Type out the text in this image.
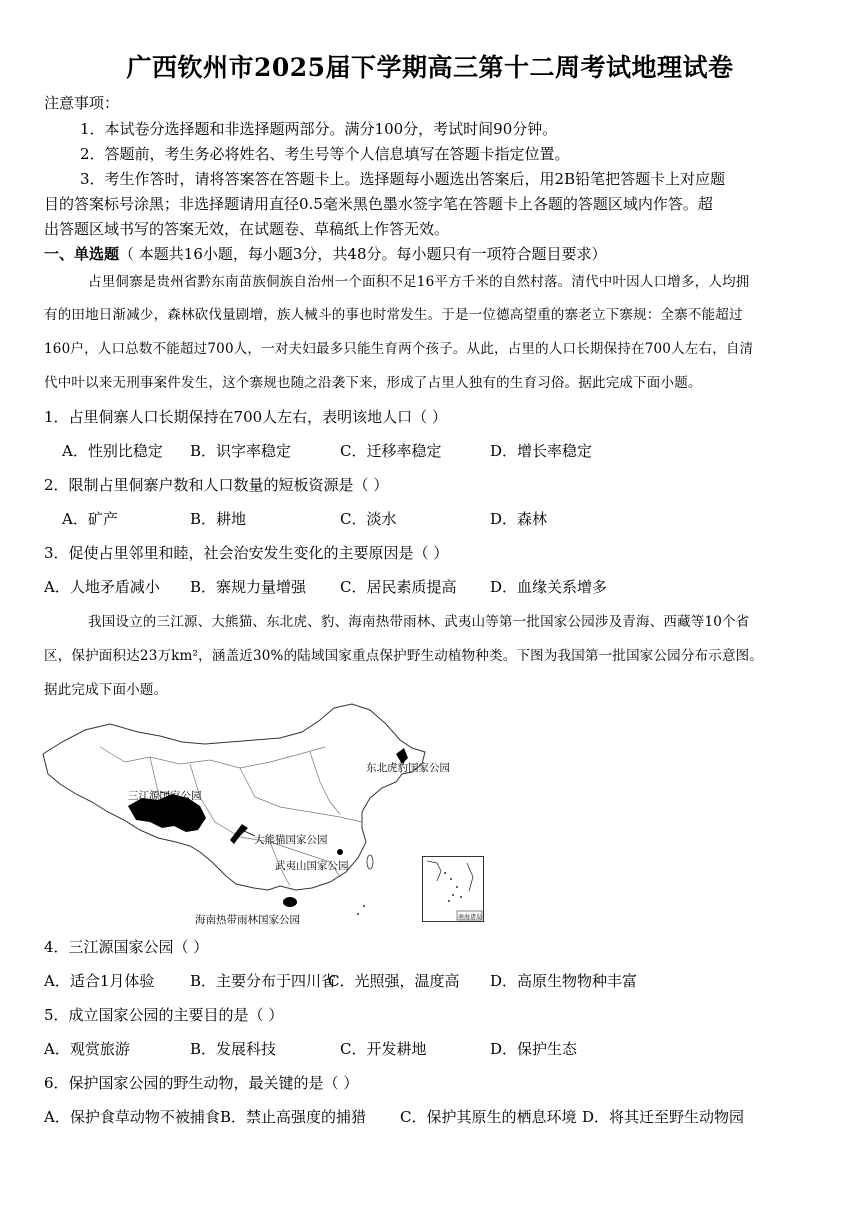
广西钦州市2025届下学期高三第十二周考试地理试卷
注意事项：
1．本试卷分选择题和非选择题两部分。满分100分，考试时间90分钟。
2．答题前，考生务必将姓名、考生号等个人信息填写在答题卡指定位置。
3．考生作答时，请将答案答在答题卡上。选择题每小题选出答案后，用2B铅笔把答题卡上对应题
目的答案标号涂黑；非选择题请用直径0.5毫米黑色墨水签字笔在答题卡上各题的答题区域内作答。超
出答题区域书写的答案无效，在试题卷、草稿纸上作答无效。
一、单选题（ 本题共16小题，每小题3分，共48分。每小题只有一项符合题目要求）
占里侗寨是贵州省黔东南苗族侗族自治州一个面积不足16平方千米的自然村落。清代中叶因人口增多，人均拥
有的田地日渐减少，森林砍伐量剧增，族人械斗的事也时常发生。于是一位德高望重的寨老立下寨规：全寨不能超过
160户，人口总数不能超过700人，一对夫妇最多只能生育两个孩子。从此，占里的人口长期保持在700人左右，自清
代中叶以来无刑事案件发生，这个寨规也随之沿袭下来，形成了占里人独有的生育习俗。据此完成下面小题。
1．占里侗寨人口长期保持在700人左右，表明该地人口（ ）
A．性别比稳定 B．识字率稳定	C．迁移率稳定	D．增长率稳定
2．限制占里侗寨户数和人口数量的短板资源是（ ）
A．矿产	B．耕地	C．淡水	D．森林
3．促使占里邻里和睦，社会治安发生变化的主要原因是（ ）
A．人地矛盾减小 B．寨规力量增强 C．居民素质提高 D．血缘关系增多
我国设立的三江源、大熊猫、东北虎、豹、海南热带雨林、武夷山等第一批国家公园涉及青海、西藏等10个省
区，保护面积达23万km²，涵盖近30%的陆域国家重点保护野生动植物种类。下图为我国第一批国家公园分布示意图。
据此完成下面小题。
三江源国家公园
东北虎豹国家公园
大熊猫国家公园
武夷山国家公园
海南热带雨林国家公园	南海诸岛
4．三江源国家公园（ ）
A．适合1月体验 B．主要分布于四川省
C．光照强，温度高 D．高原生物物种丰富
5．成立国家公园的主要目的是（ ）
A．观赏旅游	B．发展科技	C．开发耕地	D．保护生态
6．保护国家公园的野生动物，最关键的是（ ）
A．保护食草动物不被捕食 B．禁止高强度的捕猎 C．保护其原生的栖息环境 D．将其迁至野生动物园
